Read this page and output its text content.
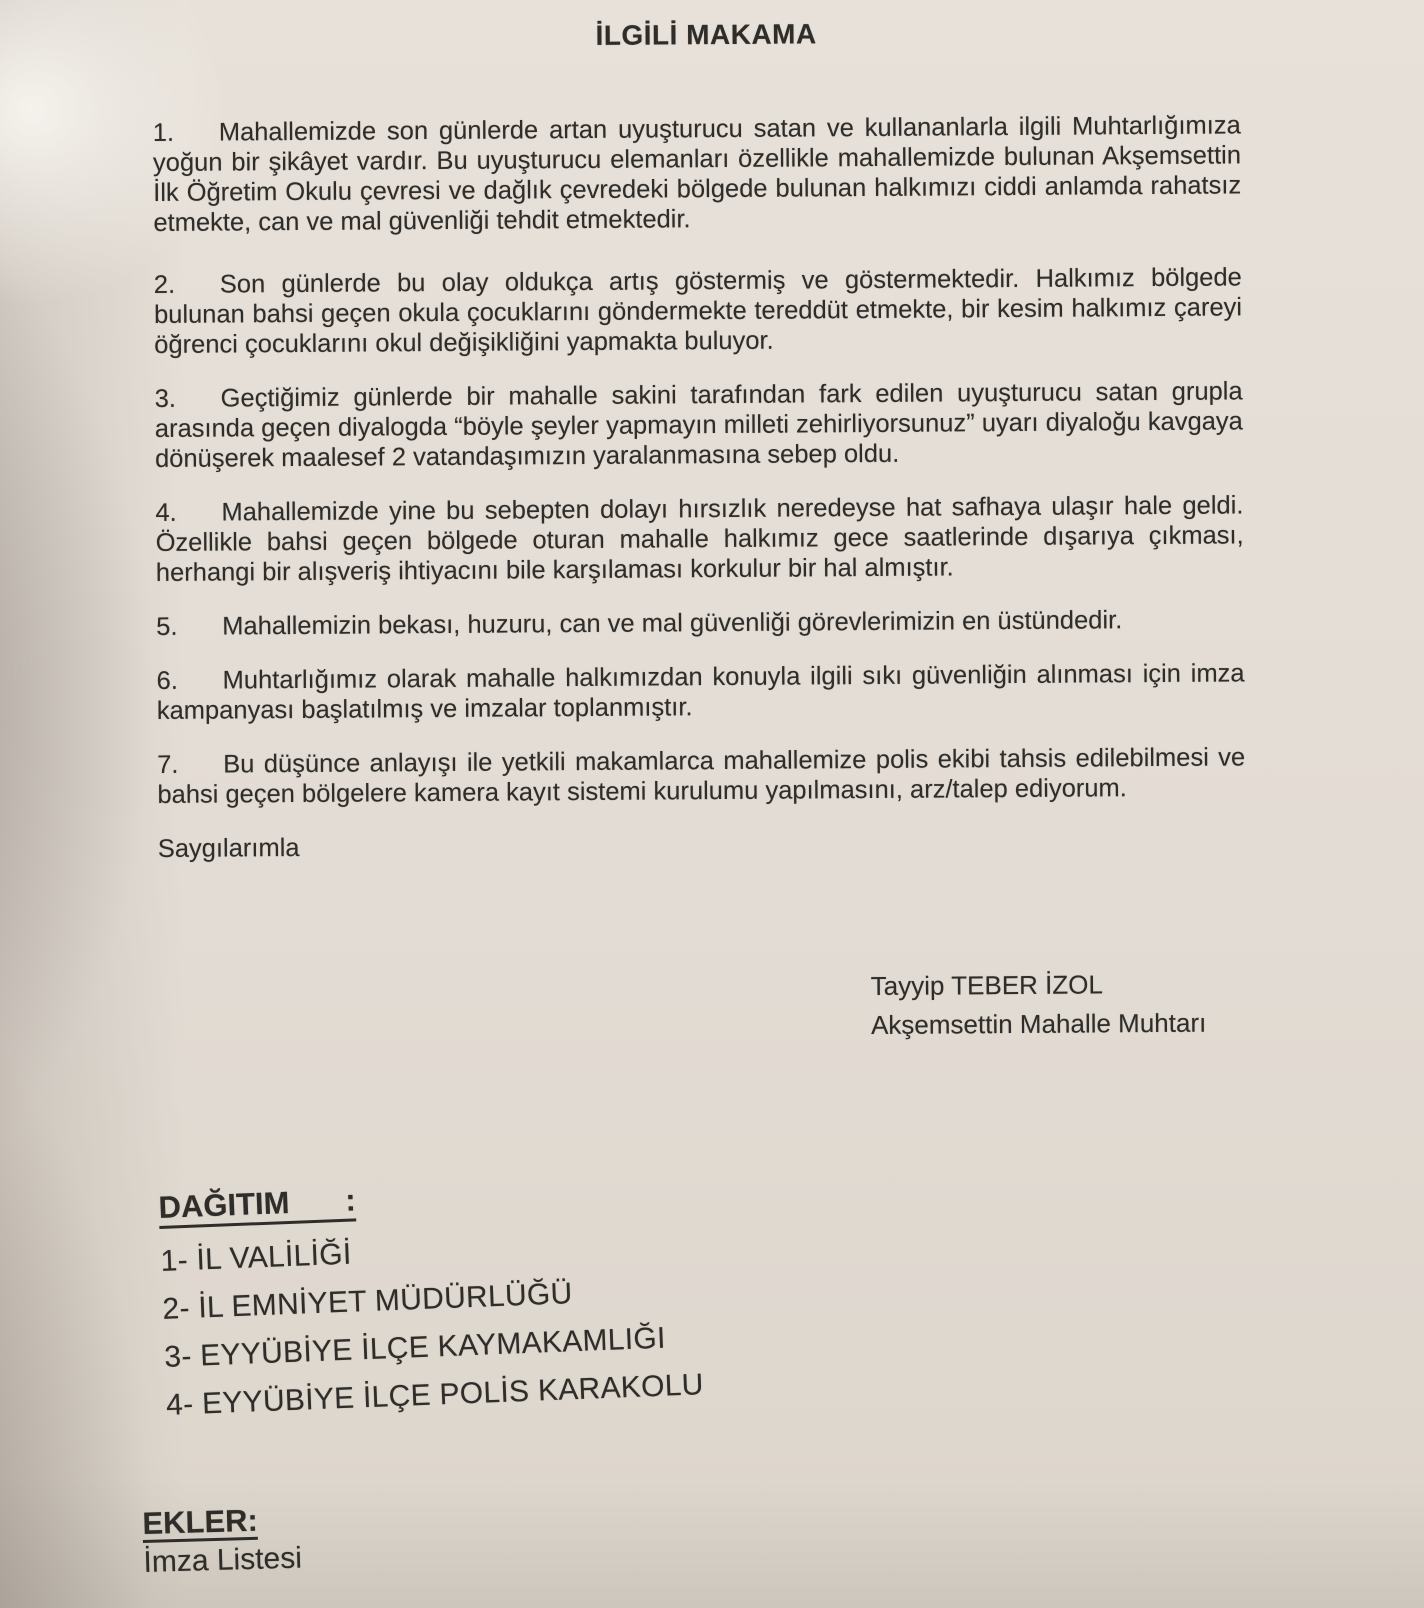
İLGİLİ MAKAMA

1. Mahallemizde son günlerde artan uyuşturucu satan ve kullananlarla ilgili Muhtarlığımıza yoğun bir şikâyet vardır. Bu uyuşturucu elemanları özellikle mahallemizde bulunan Akşemsettin İlk Öğretim Okulu çevresi ve dağlık çevredeki bölgede bulunan halkımızı ciddi anlamda rahatsız etmekte, can ve mal güvenliği tehdit etmektedir.

2. Son günlerde bu olay oldukça artış göstermiş ve göstermektedir. Halkımız bölgede bulunan bahsi geçen okula çocuklarını göndermekte tereddüt etmekte, bir kesim halkımız çareyi öğrenci çocuklarını okul değişikliğini yapmakta buluyor.

3. Geçtiğimiz günlerde bir mahalle sakini tarafından fark edilen uyuşturucu satan grupla arasında geçen diyalogda “böyle şeyler yapmayın milleti zehirliyorsunuz” uyarı diyaloğu kavgaya dönüşerek maalesef 2 vatandaşımızın yaralanmasına sebep oldu.

4. Mahallemizde yine bu sebepten dolayı hırsızlık neredeyse hat safhaya ulaşır hale geldi. Özellikle bahsi geçen bölgede oturan mahalle halkımız gece saatlerinde dışarıya çıkması, herhangi bir alışveriş ihtiyacını bile karşılaması korkulur bir hal almıştır.

5. Mahallemizin bekası, huzuru, can ve mal güvenliği görevlerimizin en üstündedir.

6. Muhtarlığımız olarak mahalle halkımızdan konuyla ilgili sıkı güvenliğin alınması için imza kampanyası başlatılmış ve imzalar toplanmıştır.

7. Bu düşünce anlayışı ile yetkili makamlarca mahallemize polis ekibi tahsis edilebilmesi ve bahsi geçen bölgelere kamera kayıt sistemi kurulumu yapılmasını, arz/talep ediyorum.

Saygılarımla
Tayyip TEBER İZOL
Akşemsettin Mahalle Muhtarı
DAĞITIM :
1- İL VALİLİĞİ
2- İL EMNİYET MÜDÜRLÜĞÜ
3- EYYÜBİYE İLÇE KAYMAKAMLIĞI
4- EYYÜBİYE İLÇE POLİS KARAKOLU
EKLER:
İmza Listesi
